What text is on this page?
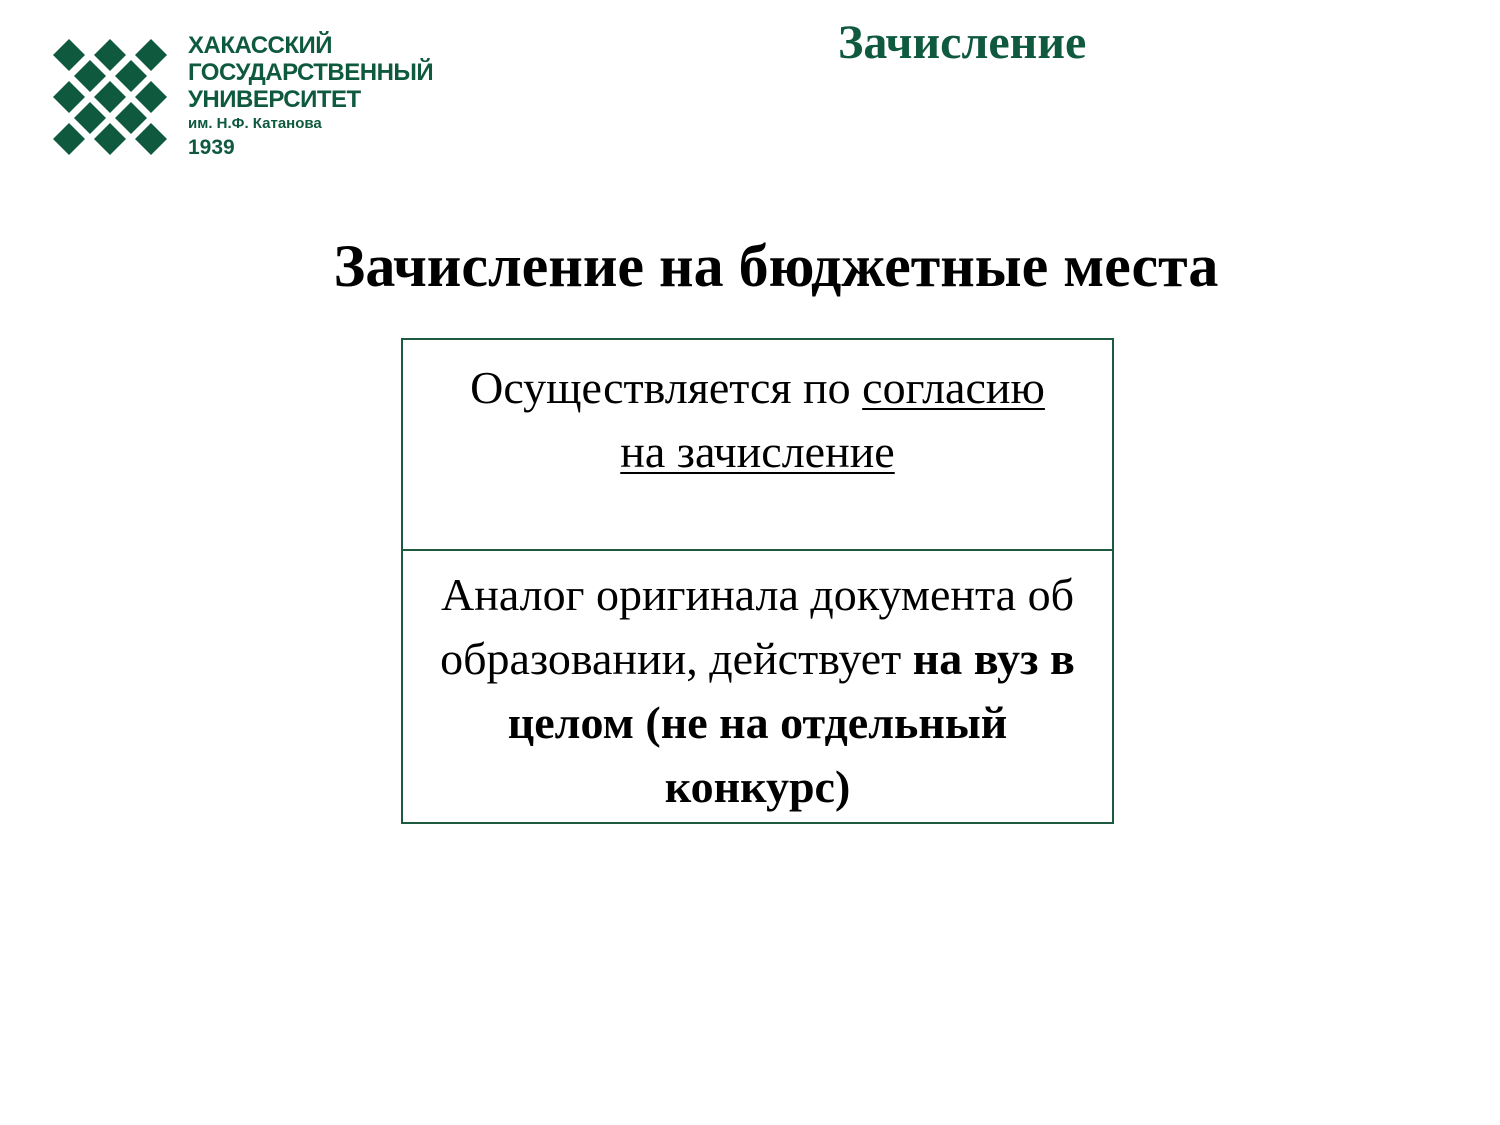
ХАКАССКИЙ
ГОСУДАРСТВЕННЫЙ
УНИВЕРСИТЕТ
им. Н.Ф. Катанова
1939
Зачисление
Зачисление на бюджетные места
Осуществляется по согласию
на зачисление
Аналог оригинала документа об образовании, действует на вуз в целом (не на отдельный конкурс)
